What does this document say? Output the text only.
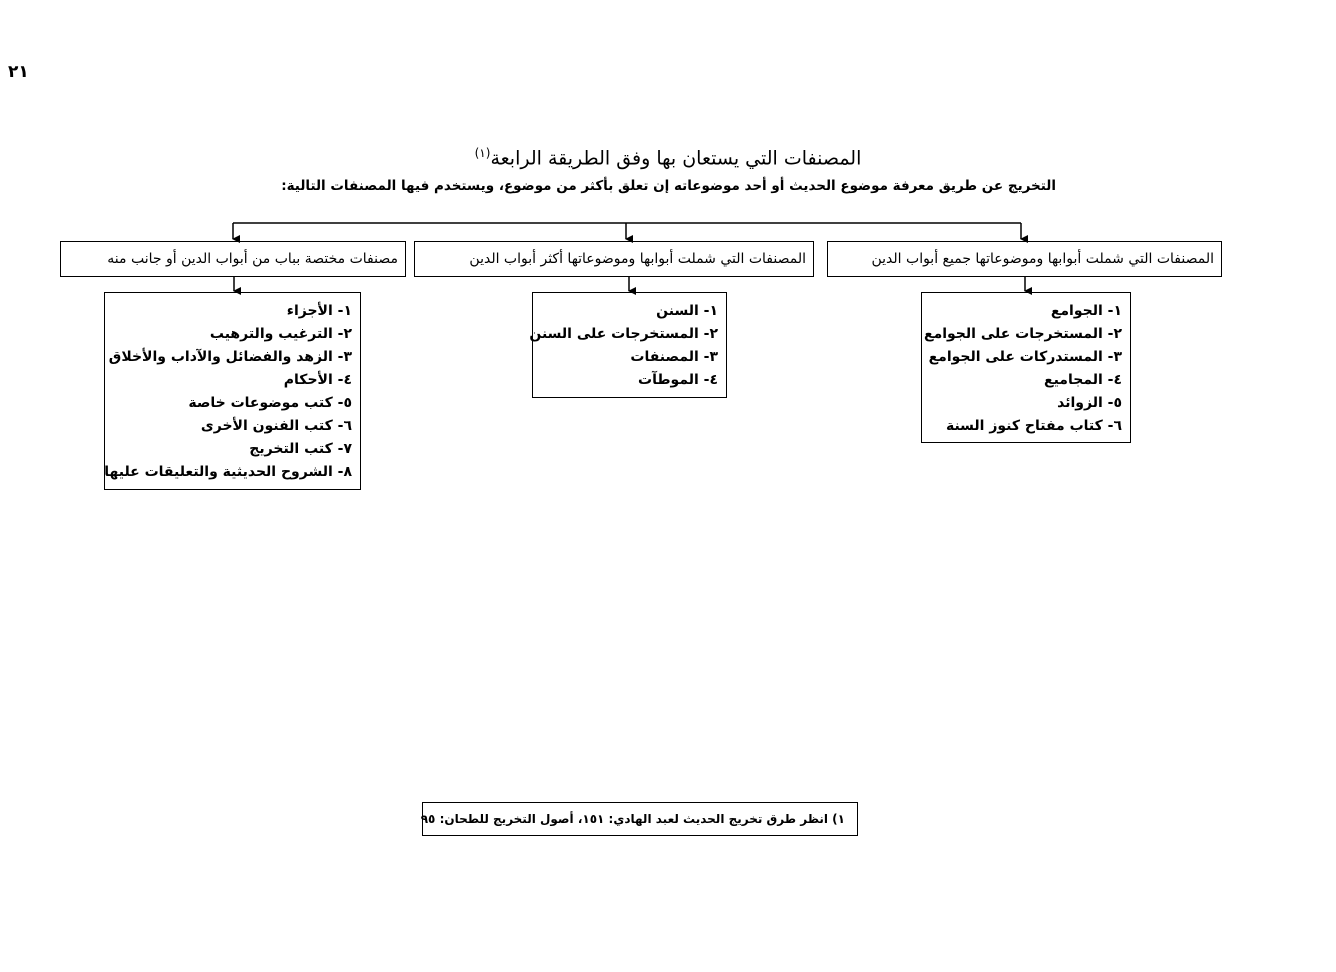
٢١
المصنفات التي يستعان بها وفق الطريقة الرابعة$^{(١)}$
التخريج عن طريق معرفة موضوع الحديث أو أحد موضوعاته إن تعلق بأكثر من موضوع، ويستخدم فيها المصنفات التالية:
المصنفات التي شملت أبوابها وموضوعاتها جميع أبواب الدين
المصنفات التي شملت أبوابها وموضوعاتها أكثر أبواب الدين
مصنفات مختصة بباب من أبواب الدين أو جانب منه
١- الجوامع
٢- المستخرجات على الجوامع
٣- المستدركات على الجوامع
٤- المجاميع
٥- الزوائد
٦- كتاب مفتاح كنوز السنة
١- السنن
٢- المستخرجات على السنن
٣- المصنفات
٤- الموطآت
١- الأجزاء
٢- الترغيب والترهيب
٣- الزهد والفضائل والآداب والأخلاق
٤- الأحكام
٥- كتب موضوعات خاصة
٦- كتب الفنون الأخرى
٧- كتب التخريج
٨- الشروح الحديثية والتعليقات عليها
١) انظر طرق تخريج الحديث لعبد الهادي: ١٥١، أصول التخريج للطحان: ٩٥
